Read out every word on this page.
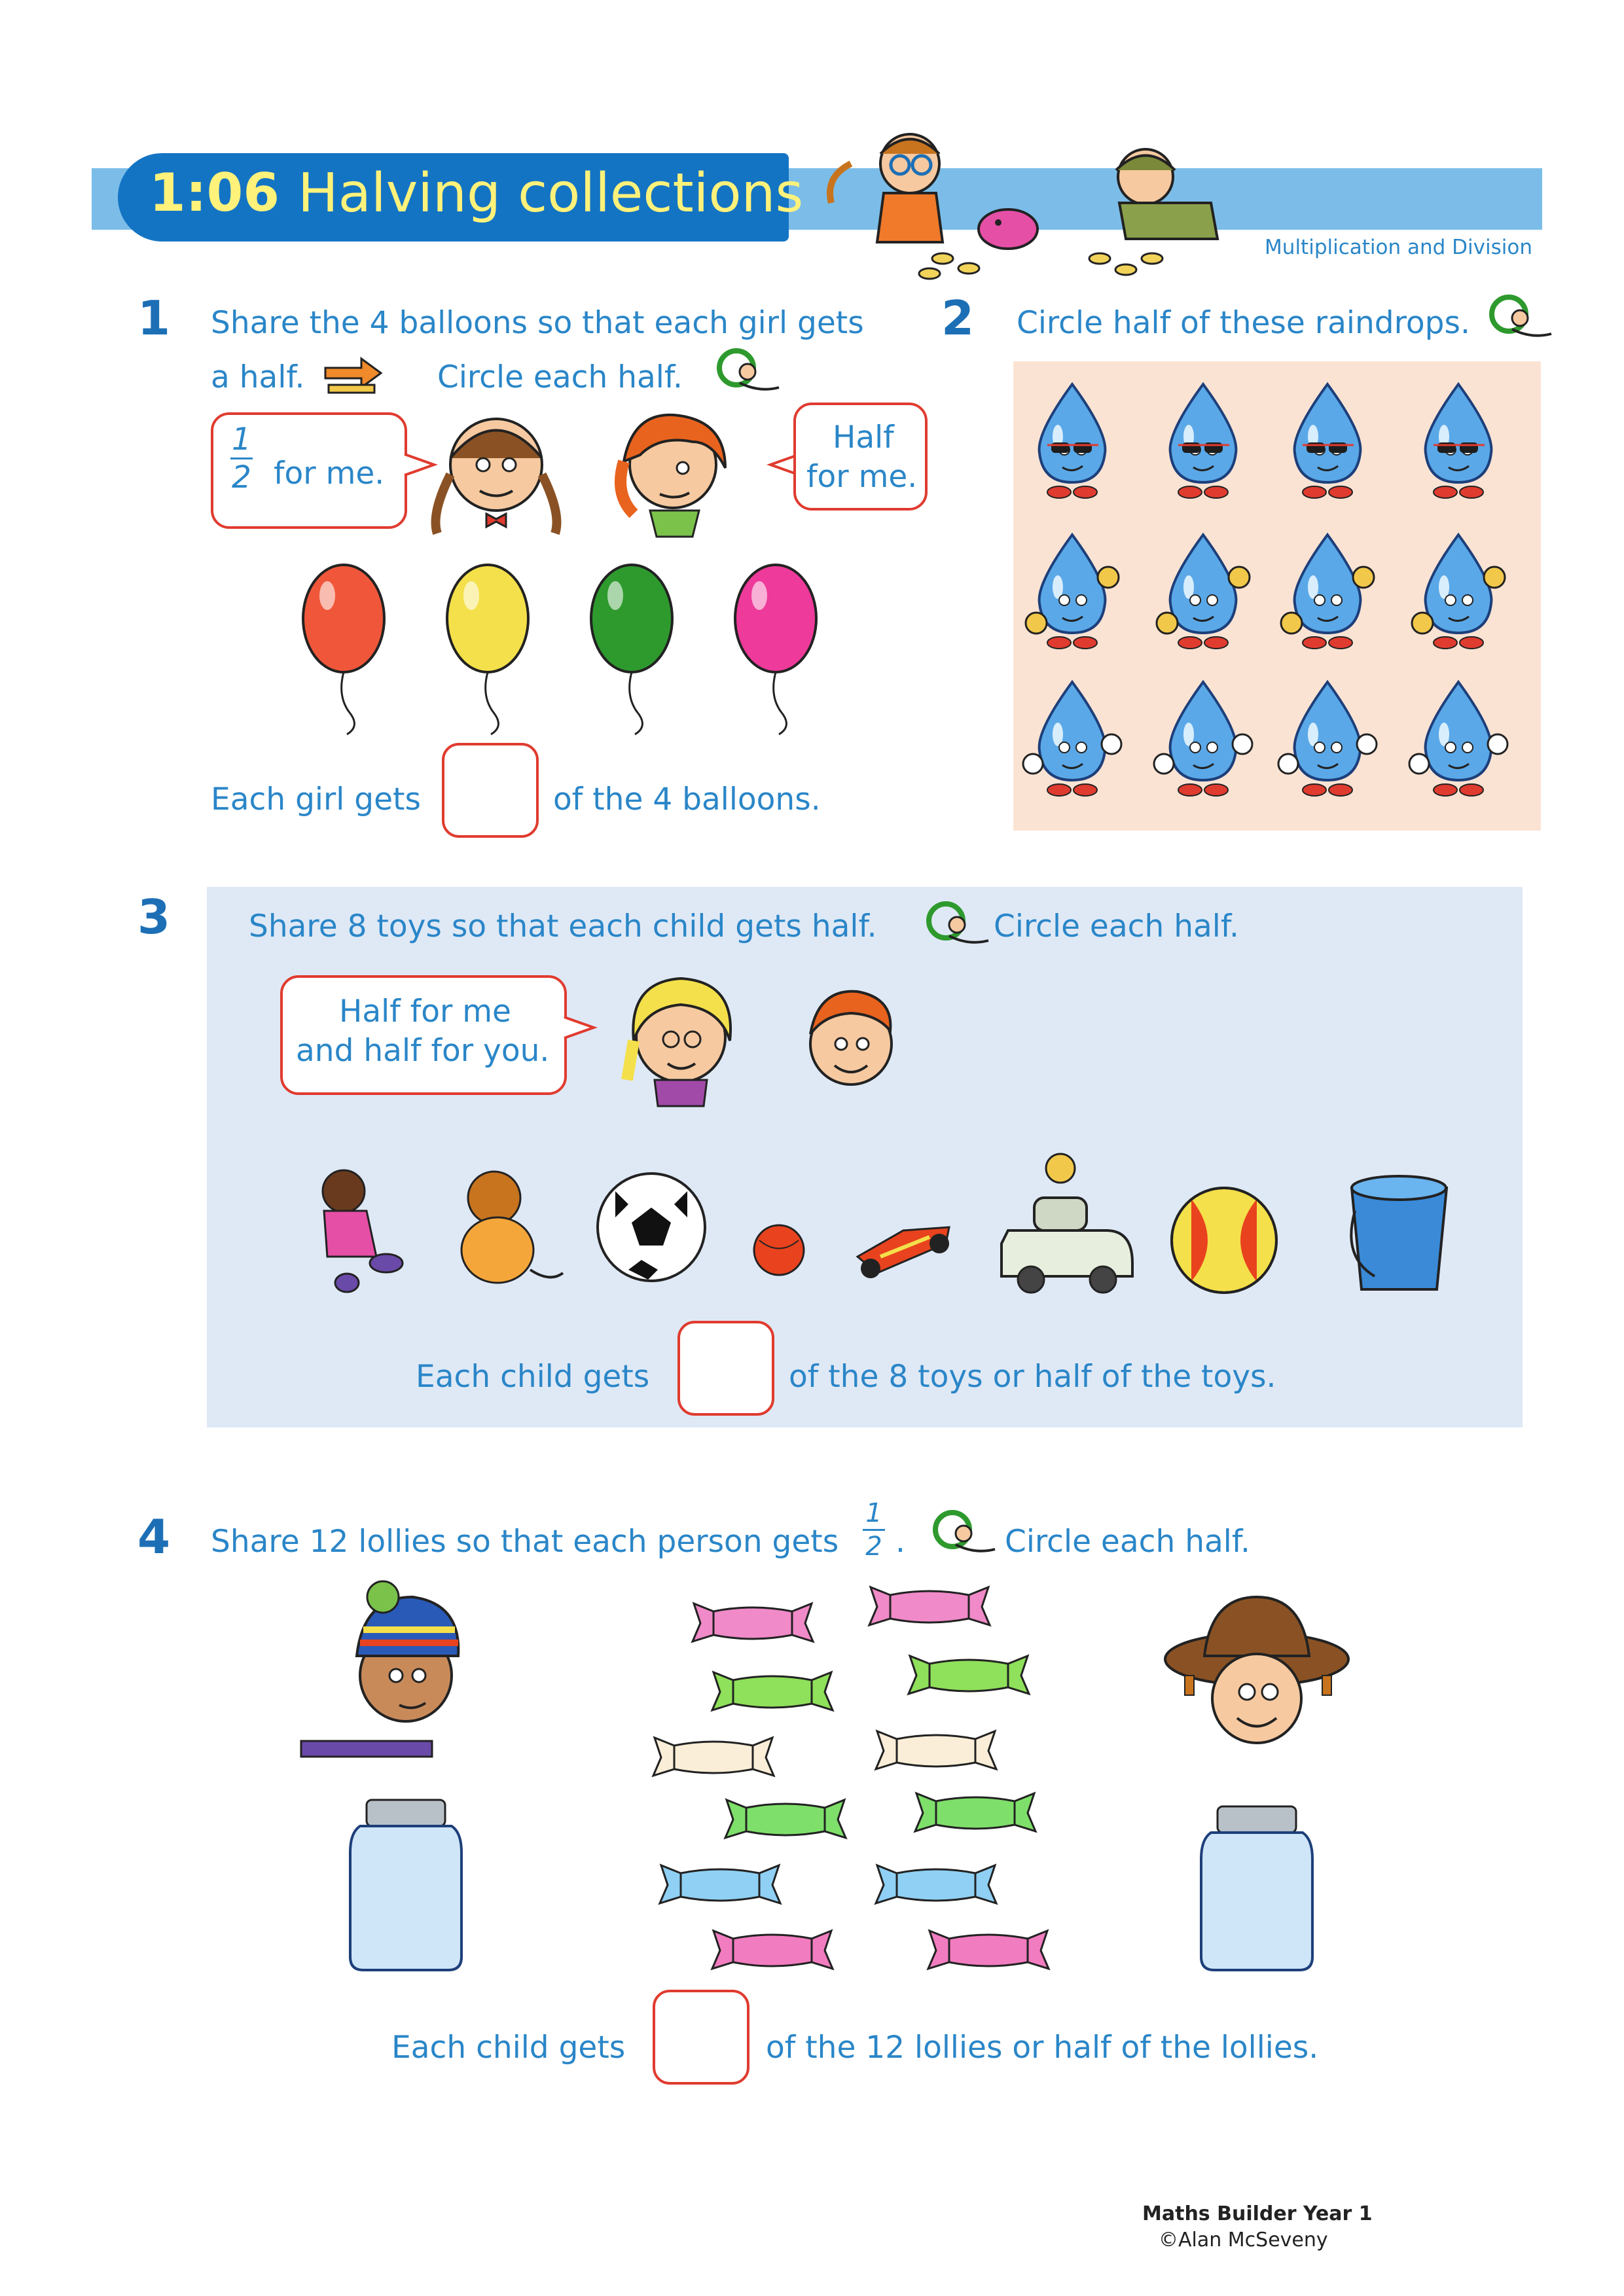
1:06 Halving collections
Multiplication and Division
1 Share the 4 balloons so that each girl gets
a half.	Circle each half.
$\frac{1}{2}$ for me.
Half
for me.
Each girl gets	of the 4 balloons.
2 Circle half of these raindrops.
3	Share 8 toys so that each child gets half.	Circle each half.
Half for me
and half for you.
Each child gets	of the 8 toys or half of the toys.
4 Share 12 lollies so that each person gets $\frac{1}{2}$ .	Circle each half.
Each child gets	of the 12 lollies or half of the lollies.
Maths Builder Year 1
©Alan McSeveny
